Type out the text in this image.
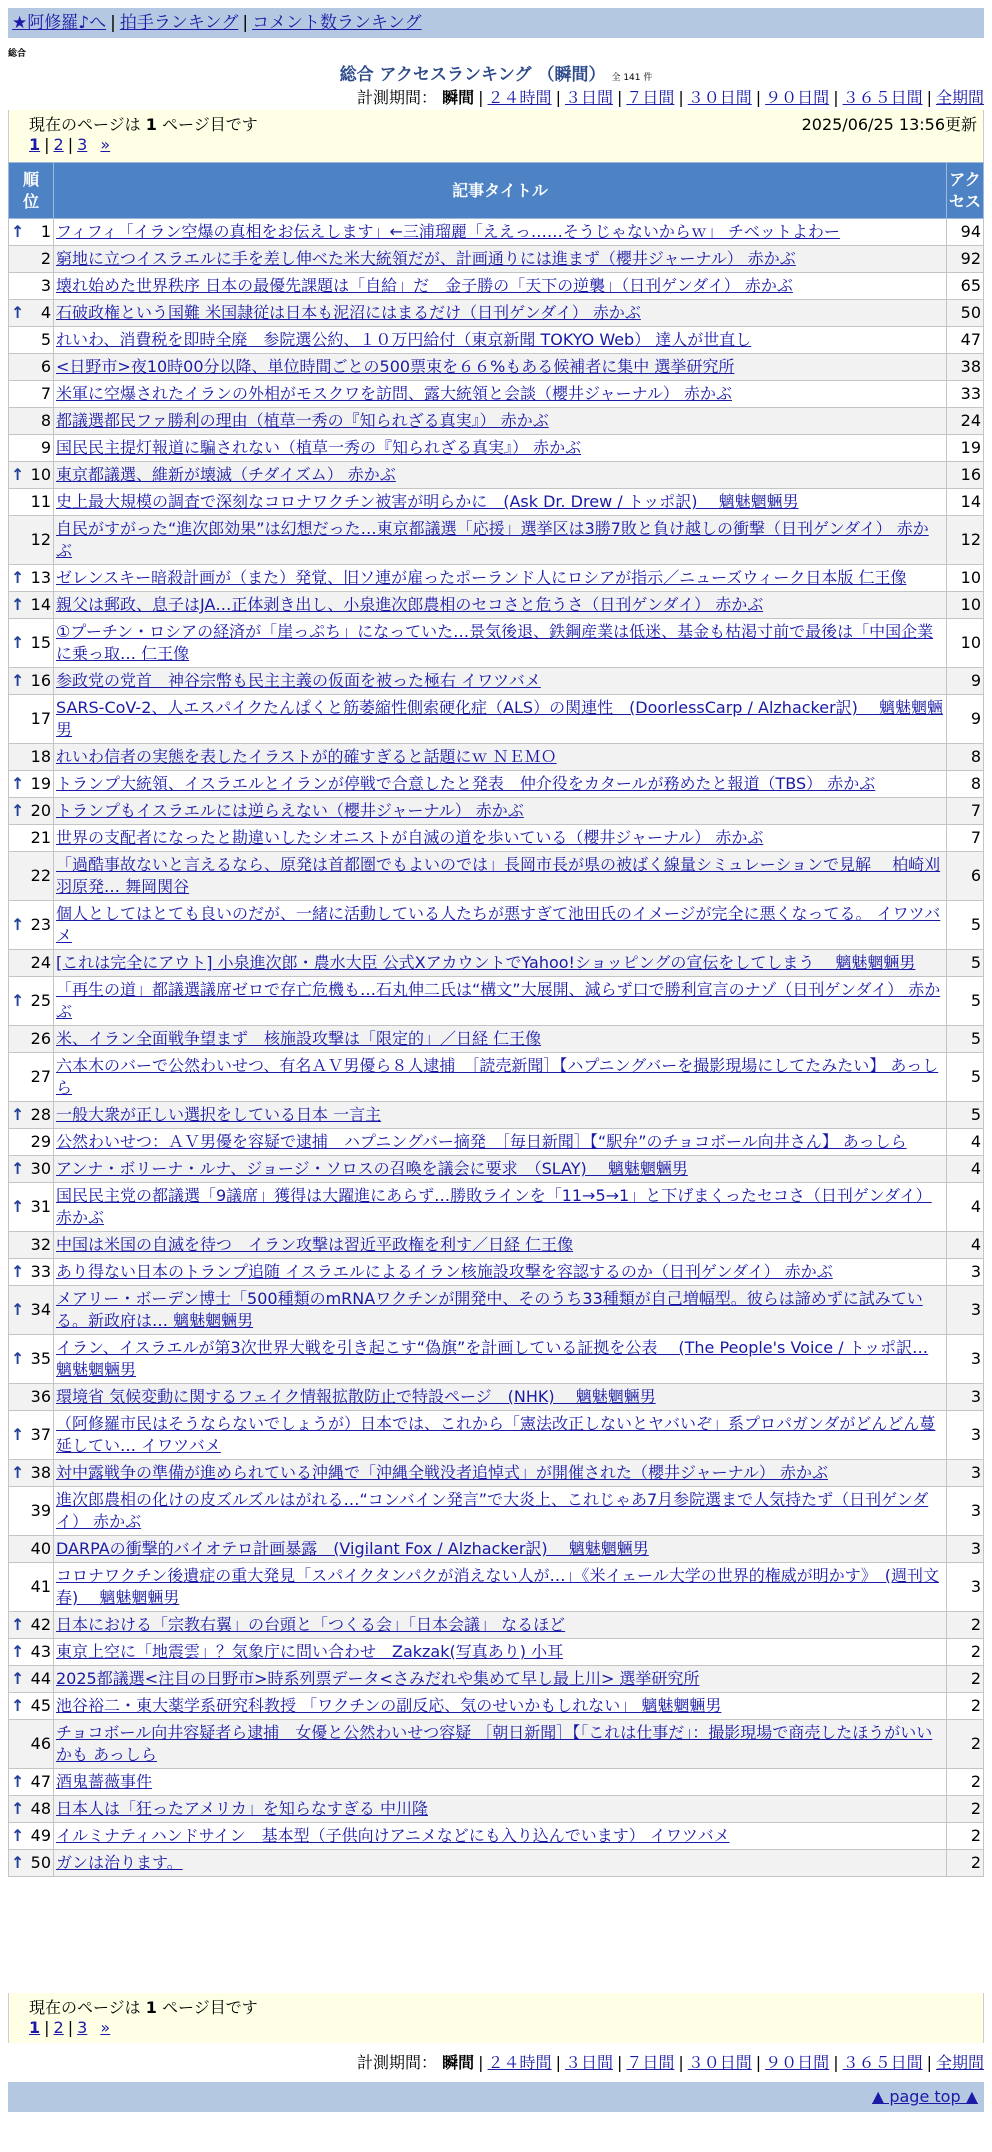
★阿修羅♪へ | 拍手ランキング | コメント数ランキング
総合
総合 アクセスランキング （瞬間） 全 141 件
計測期間： 瞬間 | ２４時間 | ３日間 | ７日間 | ３０日間 | ９０日間 | ３６５日間 | 全期間
現在のページは 1 ページ目です	2025/06/25 13:56更新
1 | 2 | 3 »
順位	記事タイトル	アクセス

↑ 1	フィフィ「イラン空爆の真相をお伝えします」←三浦瑠麗「ええっ……そうじゃないからｗ」 チベットよわー	94
2	窮地に立つイスラエルに手を差し伸べた米大統領だが、計画通りには進まず（櫻井ジャーナル） 赤かぶ	92
3	壊れ始めた世界秩序 日本の最優先課題は「自給」だ　金子勝の「天下の逆襲」（日刊ゲンダイ） 赤かぶ	65

↑ 4	石破政権という国難 米国隷従は日本も泥沼にはまるだけ（日刊ゲンダイ） 赤かぶ	50
5	れいわ、消費税を即時全廃　参院選公約、１０万円給付（東京新聞 TOKYO Web） 達人が世直し	47
6	<日野市>夜10時00分以降、単位時間ごとの500票束を６６%もある候補者に集中 選挙研究所	38
7	米軍に空爆されたイランの外相がモスクワを訪問、露大統領と会談（櫻井ジャーナル） 赤かぶ	33
8	都議選都民ファ勝利の理由（植草一秀の『知られざる真実』） 赤かぶ	24
9	国民民主提灯報道に騙されない（植草一秀の『知られざる真実』） 赤かぶ	19

↑ 10	東京都議選、維新が壊滅（チダイズム） 赤かぶ	16
11	史上最大規模の調査で深刻なコロナワクチン被害が明らかに　(Ask Dr. Drew / トッポ訳)　 魑魅魍魎男	14
12	自民がすがった“進次郎効果”は幻想だった…東京都議選「応援」選挙区は3勝7敗と負け越しの衝撃（日刊ゲンダイ） 赤かぶ	12

↑ 13	ゼレンスキー暗殺計画が（また）発覚、旧ソ連が雇ったポーランド人にロシアが指示／ニューズウィーク日本版 仁王像	10

↑ 14	親父は郵政、息子はJA…正体剥き出し、小泉進次郎農相のセコさと危うさ（日刊ゲンダイ） 赤かぶ	10

↑ 15	①プーチン・ロシアの経済が「崖っぷち」になっていた…景気後退、鉄鋼産業は低迷、基金も枯渇寸前で最後は「中国企業に乗っ取… 仁王像	10

↑ 16	参政党の党首　神谷宗幣も民主主義の仮面を被った極右 イワツバメ	9
17	SARS-CoV-2、人エスパイクたんぱくと筋萎縮性側索硬化症（ALS）の関連性　(DoorlessCarp / Alzhacker訳)　 魑魅魍魎男	9
18	れいわ信者の実態を表したイラストが的確すぎると話題にｗ ＮＥＭＯ	8

↑ 19	トランプ大統領、イスラエルとイランが停戦で合意したと発表　仲介役をカタールが務めたと報道（TBS） 赤かぶ	8

↑ 20	トランプもイスラエルには逆らえない（櫻井ジャーナル） 赤かぶ	7
21	世界の支配者になったと勘違いしたシオニストが自滅の道を歩いている（櫻井ジャーナル） 赤かぶ	7
22	「過酷事故ないと言えるなら、原発は首都圏でもよいのでは」長岡市長が県の被ばく線量シミュレーションで見解　 柏崎刈羽原発… 舞岡関谷	6

↑ 23	個人としてはとても良いのだが、一緒に活動している人たちが悪すぎて池田氏のイメージが完全に悪くなってる。 イワツバメ	5
24	[これは完全にアウト] 小泉進次郎・農水大臣 公式XアカウントでYahoo!ショッピングの宣伝をしてしまう　 魑魅魍魎男	5

↑ 25	「再生の道」都議選議席ゼロで存亡危機も…石丸伸二氏は“構文”大展開、減らず口で勝利宣言のナゾ（日刊ゲンダイ） 赤かぶ	5
26	米、イラン全面戦争望まず　核施設攻撃は「限定的」／日経 仁王像	5
27	六本木のバーで公然わいせつ、有名ＡＶ男優ら８人逮捕　［読売新聞］【ハプニングバーを撮影現場にしてたみたい】 あっしら	5

↑ 28	一般大衆が正しい選択をしている日本 一言主	5
29	公然わいせつ：ＡＶ男優を容疑で逮捕　ハプニングバー摘発　［毎日新聞］【“駅弁”のチョコボール向井さん】 あっしら	4

↑ 30	アンナ・ボリーナ・ルナ、ジョージ・ソロスの召喚を議会に要求　（SLAY)　 魑魅魍魎男	4

↑ 31	国民民主党の都議選「9議席」獲得は大躍進にあらず…勝敗ラインを「11→5→1」と下げまくったセコさ（日刊ゲンダイ） 赤かぶ	4
32	中国は米国の自滅を待つ　イラン攻撃は習近平政権を利す／日経 仁王像	4

↑ 33	あり得ない日本のトランプ追随 イスラエルによるイラン核施設攻撃を容認するのか（日刊ゲンダイ） 赤かぶ	3

↑ 34	メアリー・ボーデン博士「500種類のmRNAワクチンが開発中、そのうち33種類が自己増幅型。彼らは諦めずに試みている。新政府は… 魑魅魍魎男	3

↑ 35	イラン、イスラエルが第3次世界大戦を引き起こす“偽旗”を計画している証拠を公表　 (The People's Voice / トッポ訳… 魑魅魍魎男	3
36	環境省 気候変動に関するフェイク情報拡散防止で特設ページ　(NHK)　 魑魅魍魎男	3

↑ 37	（阿修羅市民はそうならないでしょうが）日本では、これから「憲法改正しないとヤバいぞ」系プロパガンダがどんどん蔓延してい… イワツバメ	3

↑ 38	対中露戦争の準備が進められている沖縄で「沖縄全戦没者追悼式」が開催された（櫻井ジャーナル） 赤かぶ	3
39	進次郎農相の化けの皮ズルズルはがれる…“コンバイン発言”で大炎上、これじゃあ7月参院選まで人気持たず（日刊ゲンダイ） 赤かぶ	3
40	DARPAの衝撃的バイオテロ計画暴露　(Vigilant Fox / Alzhacker訳)　 魑魅魍魎男	3
41	コロナワクチン後遺症の重大発見「スパイクタンパクが消えない人が…」《米イェール大学の世界的権威が明かす》　(週刊文春)　 魑魅魍魎男	3

↑ 42	日本における「宗教右翼」の台頭と「つくる会」「日本会議」 なるほど	2

↑ 43	東京上空に「地震雲」？気象庁に問い合わせ　Zakzak(写真あり) 小耳	2

↑ 44	2025都議選<注目の日野市>時系列票データ<さみだれや集めて早し最上川> 選挙研究所	2

↑ 45	池谷裕二・東大薬学系研究科教授 「ワクチンの副反応、気のせいかもしれない」 魑魅魍魎男	2
46	チョコボール向井容疑者ら逮捕　女優と公然わいせつ容疑 ［朝日新聞］【「これは仕事だ」：撮影現場で商売したほうがいいかも あっしら	2

↑ 47	酒鬼薔薇事件	2

↑ 48	日本人は「狂ったアメリカ」を知らなすぎる 中川隆	2

↑ 49	イルミナティハンドサイン　基本型（子供向けアニメなどにも入り込んでいます） イワツバメ	2

↑ 50	ガンは治ります。	2
現在のページは 1 ページ目です
1 | 2 | 3 »
計測期間： 瞬間 | ２４時間 | ３日間 | ７日間 | ３０日間 | ９０日間 | ３６５日間 | 全期間
▲ page top ▲
